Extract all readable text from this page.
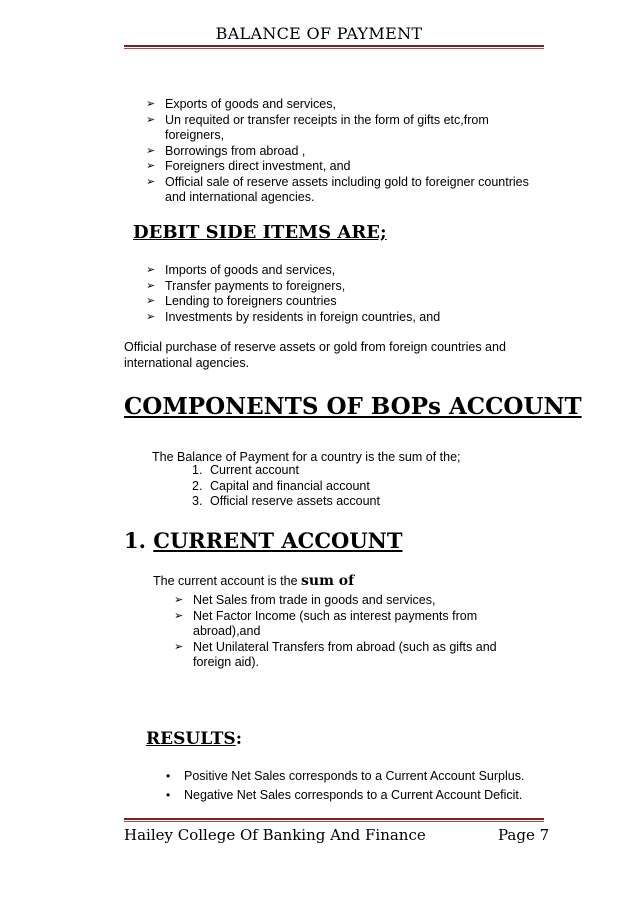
BALANCE OF PAYMENT
➢ Exports of goods and services,
➢ Un requited or transfer receipts in the form of gifts etc,from foreigners,
➢ Borrowings from abroad ,
➢ Foreigners direct investment, and
➢ Official sale of reserve assets including gold to foreigner countries and international agencies.
DEBIT SIDE ITEMS ARE;
➢ Imports of goods and services,
➢ Transfer payments to foreigners,
➢ Lending to foreigners countries
➢ Investments by residents in foreign countries, and
Official purchase of reserve assets or gold from foreign countries and international agencies.
COMPONENTS OF BOPs ACCOUNT
The Balance of Payment for a country is the sum of the;
1. Current account
2. Capital and financial account
3. Official reserve assets account
1. CURRENT ACCOUNT
The current account is the sum of
➢ Net Sales from trade in goods and services,
➢ Net Factor Income (such as interest payments from abroad),and
➢ Net Unilateral Transfers from abroad (such as gifts and foreign aid).
RESULTS:
• Positive Net Sales corresponds to a Current Account Surplus.
• Negative Net Sales corresponds to a Current Account Deficit.
Hailey College Of Banking And Finance	Page 7
